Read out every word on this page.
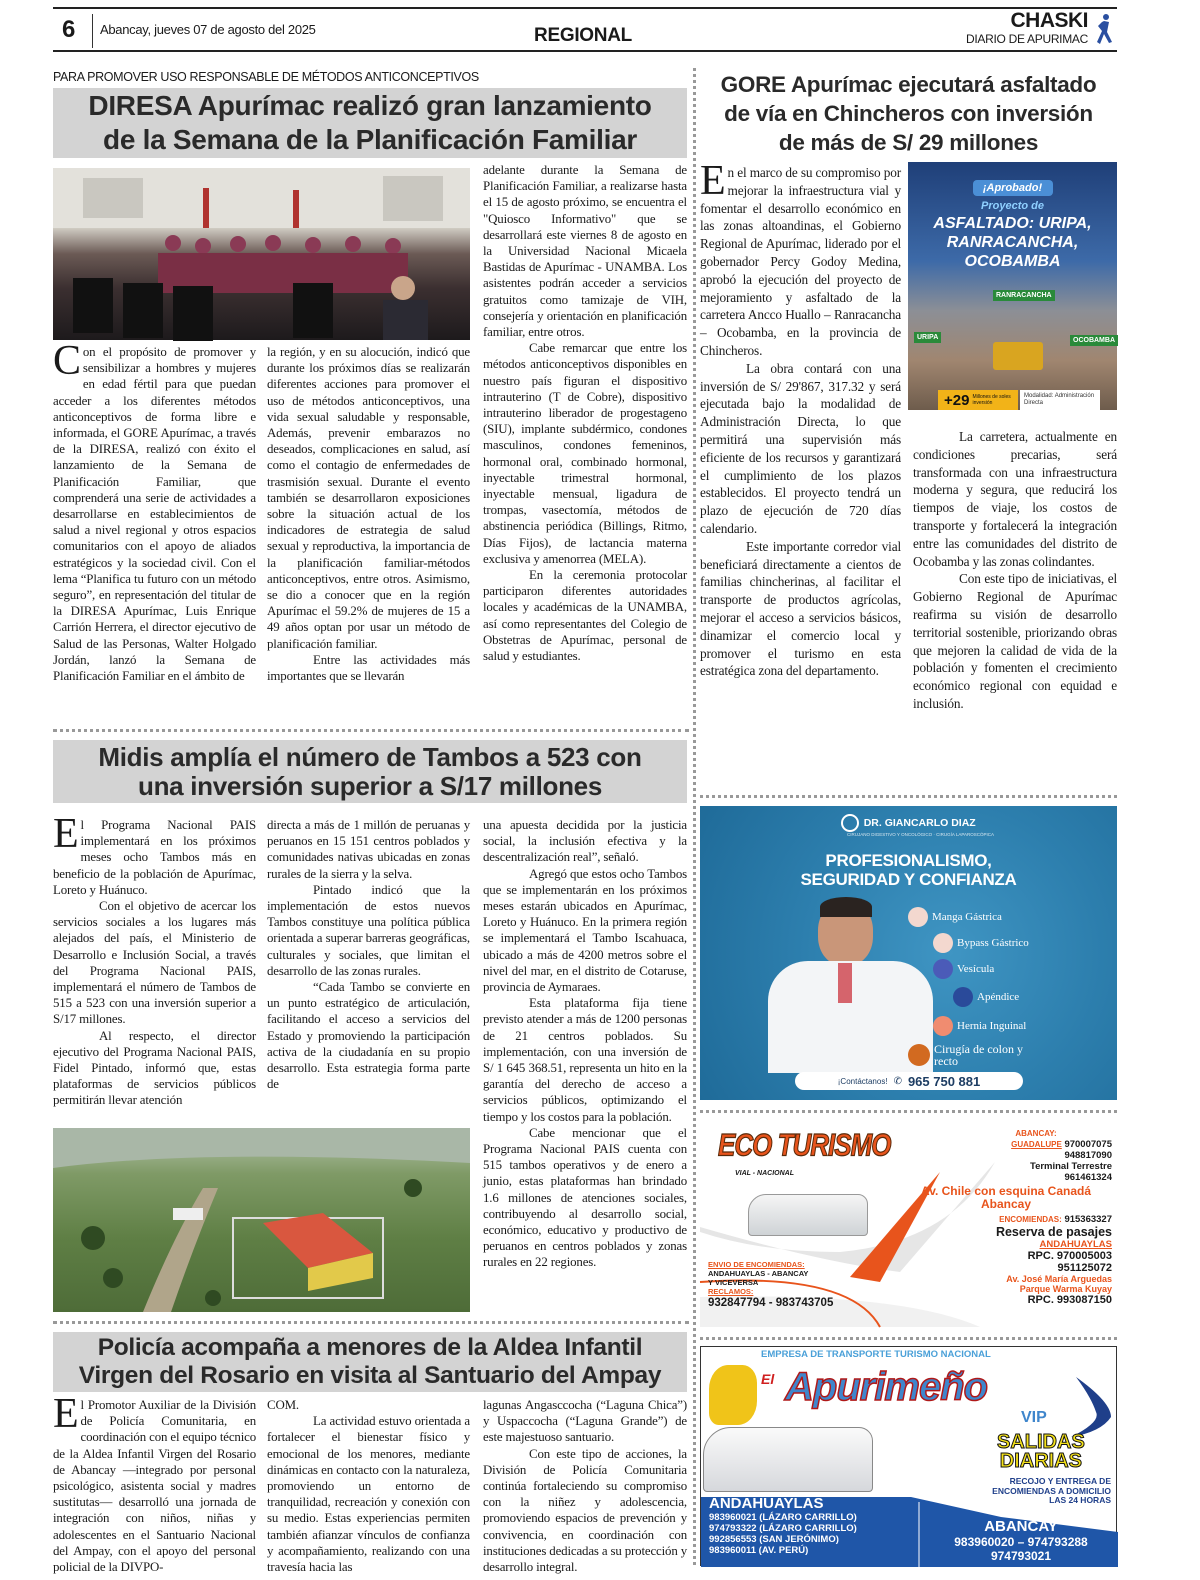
6 Abancay, jueves 07 de agosto del 2025	REGIONAL
CHASKI
DIARIO DE APURIMAC
PARA PROMOVER USO RESPONSABLE DE MÉTODOS ANTICONCEPTIVOS
DIRESA Apurímac realizó gran lanzamiento
de la Semana de la Planificación Familiar

Con el propósito de promover y sensibilizar a hombres y mujeres en edad fértil para que puedan acceder a los diferentes métodos anticonceptivos de forma libre e informada, el GORE Apurímac, a través de la DIRESA, realizó con éxito el lanzamiento de la Semana de Planificación Familiar, que comprenderá una serie de actividades a desarrollarse en establecimientos de salud a nivel regional y otros espacios comunitarios con el apoyo de aliados estratégicos y la sociedad civil. Con el lema “Planifica tu futuro con un método seguro”, en representación del titular de la DIRESA Apurímac, Luis Enrique Carrión Herrera, el director ejecutivo de Salud de las Personas, Walter Holgado Jordán, lanzó la Semana de Planificación Familiar en el ámbito de

la región, y en su alocución, indicó que durante los próximos días se realizarán diferentes acciones para promover el uso de métodos anticonceptivos, una vida sexual saludable y responsable, Además, prevenir embarazos no deseados, complicaciones en salud, así como el contagio de enfermedades de trasmisión sexual. Durante el evento también se desarrollaron exposiciones sobre la situación actual de los indicadores de estrategia de salud sexual y reproductiva, la importancia de la planificación familiar-métodos anticonceptivos, entre otros. Asimismo, se dio a conocer que en la región Apurímac el 59.2% de mujeres de 15 a 49 años optan por usar un método de planificación familiar.

Entre las actividades más importantes que se llevarán

adelante durante la Semana de Planificación Familiar, a realizarse hasta el 15 de agosto próximo, se encuentra el "Quiosco Informativo" que se desarrollará este viernes 8 de agosto en la Universidad Nacional Micaela Bastidas de Apurímac - UNAMBA. Los asistentes podrán acceder a servicios gratuitos como tamizaje de VIH, consejería y orientación en planificación familiar, entre otros.

Cabe remarcar que entre los métodos anticonceptivos disponibles en nuestro país figuran el dispositivo intrauterino (T de Cobre), dispositivo intrauterino liberador de progestageno (SIU), implante subdérmico, condones masculinos, condones femeninos, hormonal oral, combinado hormonal, inyectable trimestral hormonal, inyectable mensual, ligadura de trompas, vasectomía, métodos de abstinencia periódica (Billings, Ritmo, Días Fijos), de lactancia materna exclusiva y amenorrea (MELA).

En la ceremonia protocolar participaron diferentes autoridades locales y académicas de la UNAMBA, así como representantes del Colegio de Obstetras de Apurímac, personal de salud y estudiantes.

GORE Apurímac ejecutará asfaltado
de vía en Chincheros con inversión
de más de S/ 29 millones

En el marco de su compromiso por mejorar la infraestructura vial y fomentar el desarrollo económico en las zonas altoandinas, el Gobierno Regional de Apurímac, liderado por el gobernador Percy Godoy Medina, aprobó la ejecución del proyecto de mejoramiento y asfaltado de la carretera Ancco Huallo – Ranracancha – Ocobamba, en la provincia de Chincheros.

La obra contará con una inversión de S/ 29'867, 317.32 y será ejecutada bajo la modalidad de Administración Directa, lo que permitirá una supervisión más eficiente de los recursos y garantizará el cumplimiento de los plazos establecidos. El proyecto tendrá un plazo de ejecución de 720 días calendario.

Este importante corredor vial beneficiará directamente a cientos de familias chincherinas, al facilitar el transporte de productos agrícolas, mejorar el acceso a servicios básicos, dinamizar el comercio local y promover el turismo en esta estratégica zona del departamento.

¡Aprobado!
Proyecto de
ASFALTADO: URIPA,
RANRACANCHA,
OCOBAMBA
RANRACANCHA
URIPA	OCOBAMBA
+29 Millones de soles inversión
Modalidad: Administración Directa

La carretera, actualmente en condiciones precarias, será transformada con una infraestructura moderna y segura, que reducirá los tiempos de viaje, los costos de transporte y fortalecerá la integración entre las comunidades del distrito de Ocobamba y las zonas colindantes.

Con este tipo de iniciativas, el Gobierno Regional de Apurímac reafirma su visión de desarrollo territorial sostenible, priorizando obras que mejoren la calidad de vida de la población y fomenten el crecimiento económico regional con equidad e inclusión.

Midis amplía el número de Tambos a 523 con
una inversión superior a S/17 millones

El Programa Nacional PAIS implementará en los próximos meses ocho Tambos más en beneficio de la población de Apurímac, Loreto y Huánuco.

Con el objetivo de acercar los servicios sociales a los lugares más alejados del país, el Ministerio de Desarrollo e Inclusión Social, a través del Programa Nacional PAIS, implementará el número de Tambos de 515 a 523 con una inversión superior a S/17 millones.

Al respecto, el director ejecutivo del Programa Nacional PAIS, Fidel Pintado, informó que, estas plataformas de servicios públicos permitirán llevar atención

directa a más de 1 millón de peruanas y peruanos en 15 151 centros poblados y comunidades nativas ubicadas en zonas rurales de la sierra y la selva.

Pintado indicó que la implementación de estos nuevos Tambos constituye una política pública orientada a superar barreras geográficas, culturales y sociales, que limitan el desarrollo de las zonas rurales.

“Cada Tambo se convierte en un punto estratégico de articulación, facilitando el acceso a servicios del Estado y promoviendo la participación activa de la ciudadanía en su propio desarrollo. Esta estrategia forma parte de

una apuesta decidida por la justicia social, la inclusión efectiva y la descentralización real”, señaló.

Agregó que estos ocho Tambos que se implementarán en los próximos meses estarán ubicados en Apurímac, Loreto y Huánuco. En la primera región se implementará el Tambo Iscahuaca, ubicado a más de 4200 metros sobre el nivel del mar, en el distrito de Cotaruse, provincia de Aymaraes.

Esta plataforma fija tiene previsto atender a más de 1200 personas de 21 centros poblados. Su implementación, con una inversión de S/ 1 645 368.51, representa un hito en la garantía del derecho de acceso a servicios públicos, optimizando el tiempo y los costos para la población.

Cabe mencionar que el Programa Nacional PAIS cuenta con 515 tambos operativos y de enero a junio, estas plataformas han brindado 1.6 millones de atenciones sociales, contribuyendo al desarrollo social, económico, educativo y productivo de peruanos en centros poblados y zonas rurales en 22 regiones.

Policía acompaña a menores de la Aldea Infantil
Virgen del Rosario en visita al Santuario del Ampay

El Promotor Auxiliar de la División de Policía Comunitaria, en coordinación con el equipo técnico de la Aldea Infantil Virgen del Rosario de Abancay —integrado por personal psicológico, asistenta social y madres sustitutas— desarrolló una jornada de integración con niños, niñas y adolescentes en el Santuario Nacional del Ampay, con el apoyo del personal policial de la DIVPO-

COM.

La actividad estuvo orientada a fortalecer el bienestar físico y emocional de los menores, mediante dinámicas en contacto con la naturaleza, promoviendo un entorno de tranquilidad, recreación y conexión con su medio. Estas experiencias permiten también afianzar vínculos de confianza y acompañamiento, realizando con una travesía hacia las

lagunas Angasccocha (“Laguna Chica”) y Uspaccocha (“Laguna Grande”) de este majestuoso santuario.

Con este tipo de acciones, la División de Policía Comunitaria continúa fortaleciendo su compromiso con la niñez y adolescencia, promoviendo espacios de prevención y convivencia, en coordinación con instituciones dedicadas a su protección y desarrollo integral.

DR. GIANCARLO DIAZ
CIRUJANO DIGESTIVO Y ONCOLÓGICO · CIRUGÍA LAPAROSCÓPICA
PROFESIONALISMO,
SEGURIDAD Y CONFIANZA
Manga Gástrica
Bypass Gástrico
Vesícula
Apéndice
Hernia Inguinal
Cirugía de colon y recto
¡Contáctanos! ✆ 965 750 881
ECO TURISMO
VIAL - NACIONAL
ABANCAY:
GUADALUPE 970007075
948817090
Terminal Terrestre
961461324
Av. Chile con esquina Canadá
Abancay
ENCOMIENDAS: 915363327
Reserva de pasajes
ANDAHUAYLAS
RPC. 970005003
951125072
Av. José María Arguedas
Parque Warma Kuyay
RPC. 993087150
ENVIO DE ENCOMIENDAS:
ANDAHUAYLAS - ABANCAY
Y VICEVERSA
RECLAMOS:
932847794 - 983743705
EMPRESA DE TRANSPORTE TURISMO NACIONAL
El Apurimeño
VIP
SALIDAS
DIARIAS
RECOJO Y ENTREGA DE
ENCOMIENDAS A DOMICILIO
LAS 24 HORAS
ANDAHUAYLAS
983960021 (LÁZARO CARRILLO)
974793322 (LÁZARO CARRILLO)
992856553 (SAN JERÓNIMO)
983960011 (AV. PERÚ)
ABANCAY
983960020 – 974793288
974793021
